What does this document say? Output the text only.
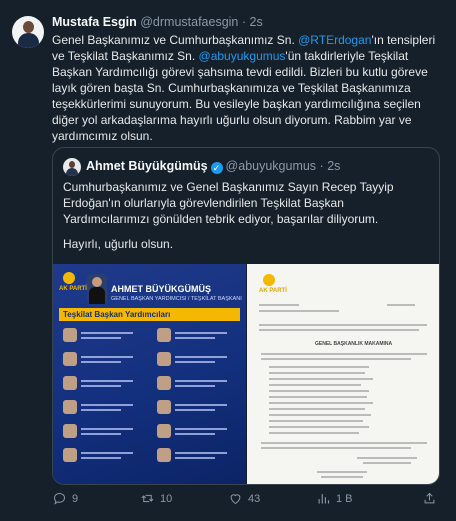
Mustafa Esgin @drmustafaesgin · 2s
Genel Başkanımız ve Cumhurbaşkanımız Sn. @RTErdogan'ın tensipleri ve Teşkilat Başkanımız Sn. @abuyukgumus'ün takdirleriyle Teşkilat Başkan Yardımcılığı görevi şahsıma tevdi edildi. Bizleri bu kutlu göreve layık gören başta Sn. Cumhurbaşkanımıza ve Teşkilat Başkanımıza teşekkürlerimi sunuyorum. Bu vesileyle başkan yardımcılığına seçilen diğer yol arkadaşlarıma hayırlı uğurlu olsun diyorum. Rabbim yar ve yardımcımız olsun.
Ahmet Büyükgümüş ✓ @abuyukgumus · 2s
Cumhurbaşkanımız ve Genel Başkanımız Sayın Recep Tayyip Erdoğan'ın olurlarıyla görevlendirilen Teşkilat Başkan Yardımcılarımızı gönülden tebrik ediyor, başarılar diliyorum.
Hayırlı, uğurlu olsun.
AK PARTİ	AHMET BÜYÜKGÜMÜŞ
GENEL BAŞKAN YARDIMCISI / TEŞKİLAT BAŞKANI
Teşkilat Başkan Yardımcıları
AK PARTİ
GENEL BAŞKANLIK MAKAMINA
9	10	43	1 B
